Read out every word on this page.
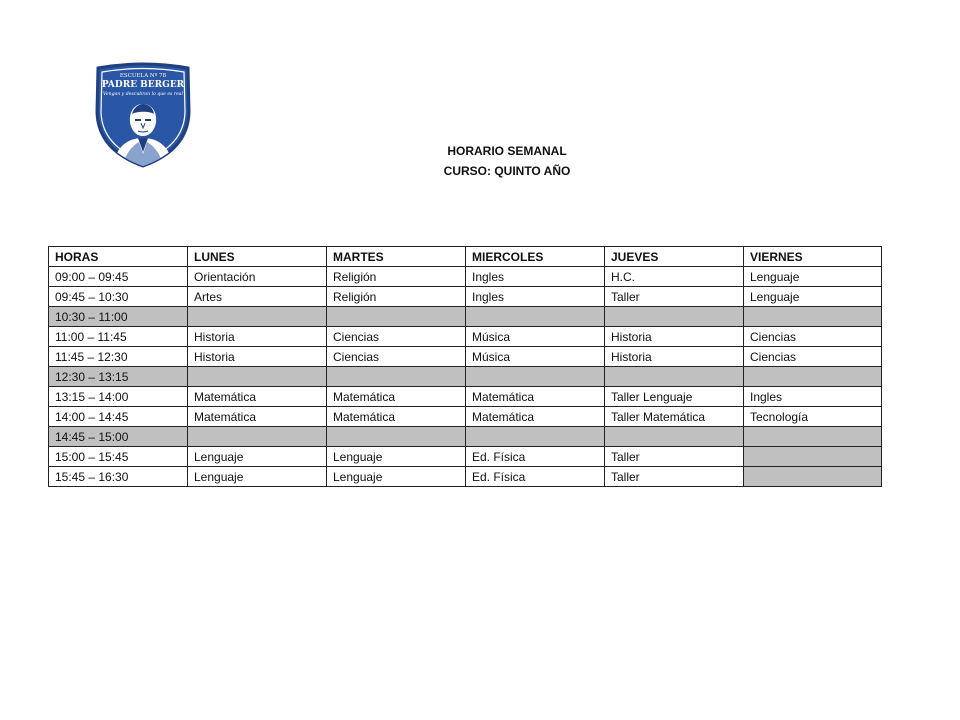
ESCUELA Nº 78
PADRE BERGER
Vengan y descubran lo que es real
HORARIO SEMANAL
CURSO: QUINTO AÑO
HORAS	LUNES	MARTES	MIERCOLES	JUEVES	VIERNES
09:00 – 09:45	Orientación	Religión	Ingles	H.C.	Lenguaje
09:45 – 10:30	Artes	Religión	Ingles	Taller	Lenguaje
10:30 – 11:00					
11:00 – 11:45	Historia	Ciencias	Música	Historia	Ciencias
11:45 – 12:30	Historia	Ciencias	Música	Historia	Ciencias
12:30 – 13:15					
13:15 – 14:00	Matemática	Matemática	Matemática	Taller Lenguaje	Ingles
14:00 – 14:45	Matemática	Matemática	Matemática	Taller Matemática	Tecnología
14:45 – 15:00					
15:00 – 15:45	Lenguaje	Lenguaje	Ed. Física	Taller	
15:45 – 16:30	Lenguaje	Lenguaje	Ed. Física	Taller	
